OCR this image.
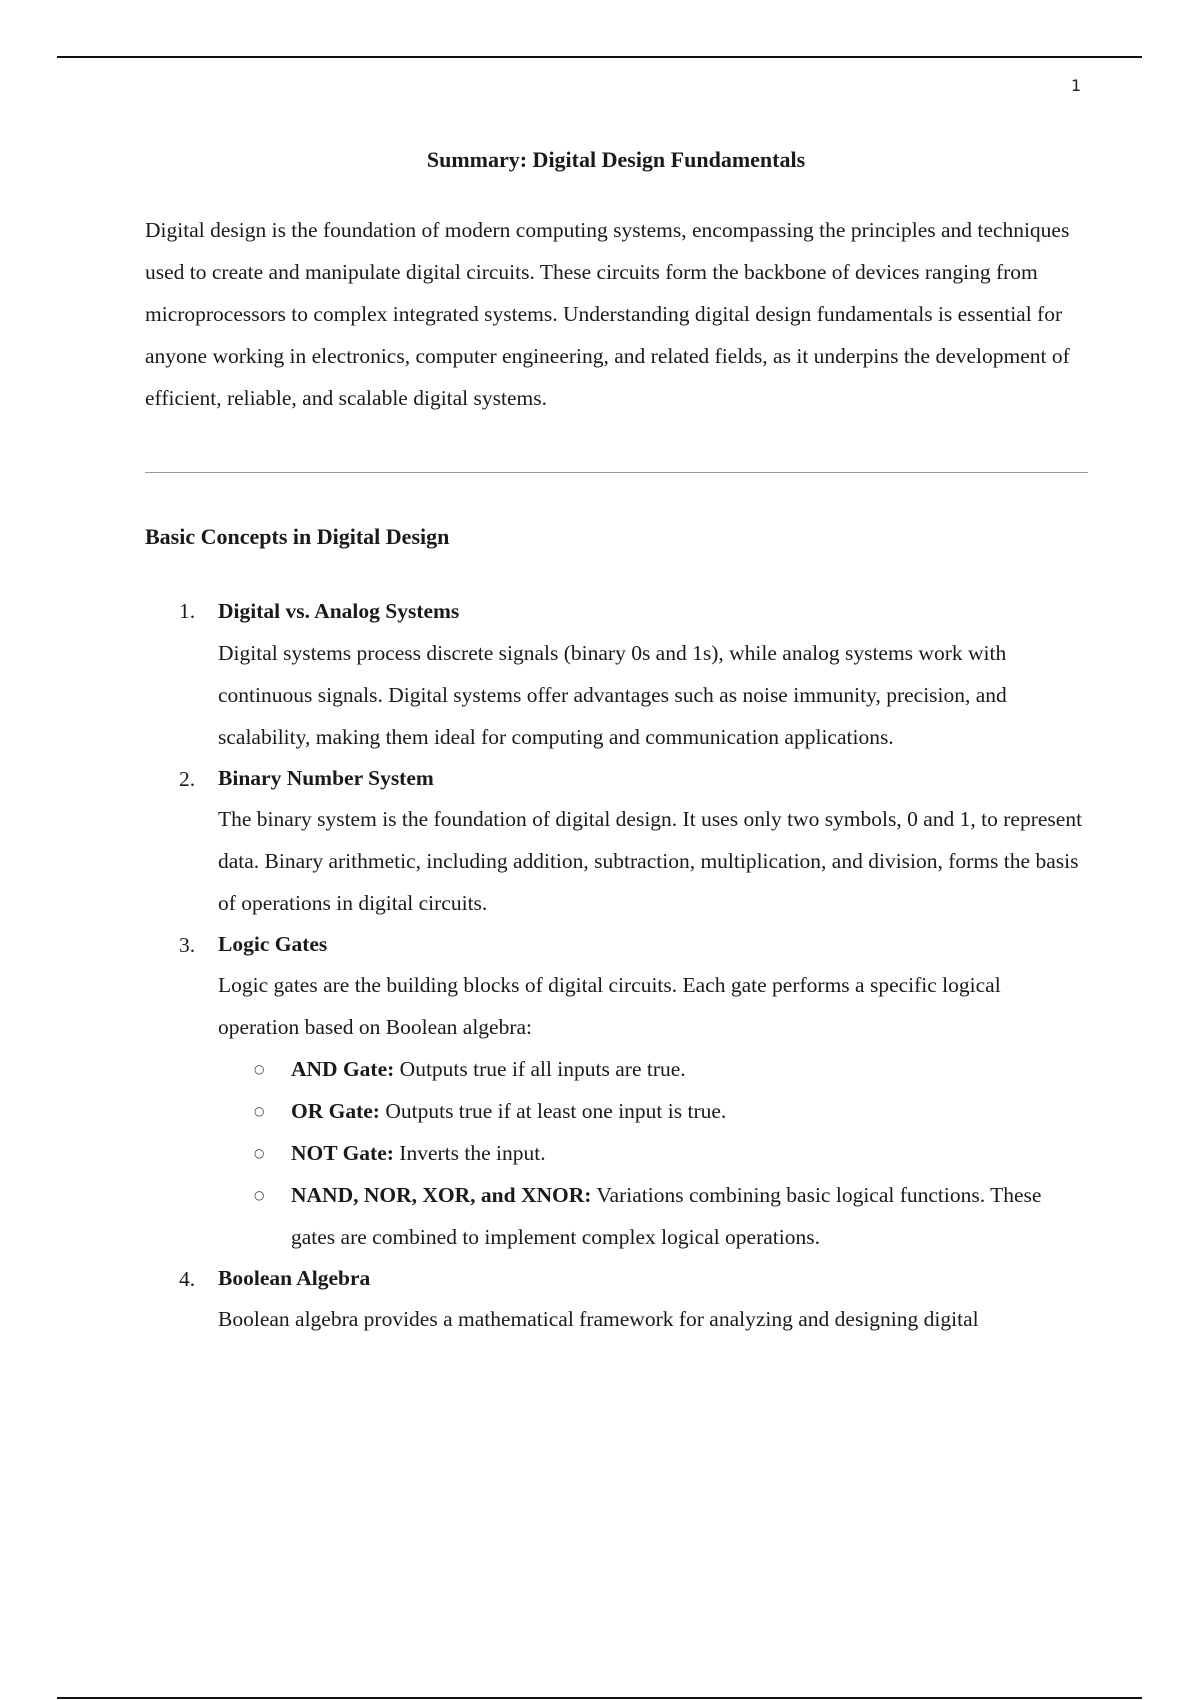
1
Summary: Digital Design Fundamentals

Digital design is the foundation of modern computing systems, encompassing the principles and techniques used to create and manipulate digital circuits. These circuits form the backbone of devices ranging from microprocessors to complex integrated systems. Understanding digital design fundamentals is essential for anyone working in electronics, computer engineering, and related fields, as it underpins the development of efficient, reliable, and scalable digital systems.

Basic Concepts in Digital Design
1.	Digital vs. Analog Systems
Digital systems process discrete signals (binary 0s and 1s), while analog systems work with continuous signals. Digital systems offer advantages such as noise immunity, precision, and scalability, making them ideal for computing and communication applications.
2.	Binary Number System
The binary system is the foundation of digital design. It uses only two symbols, 0 and 1, to represent data. Binary arithmetic, including addition, subtraction, multiplication, and division, forms the basis of operations in digital circuits.
3.	Logic Gates
Logic gates are the building blocks of digital circuits. Each gate performs a specific logical operation based on Boolean algebra:
○ AND Gate: Outputs true if all inputs are true.
○ OR Gate: Outputs true if at least one input is true.
○ NOT Gate: Inverts the input.
○ NAND, NOR, XOR, and XNOR: Variations combining basic logical functions. These gates are combined to implement complex logical operations.
4.	Boolean Algebra
Boolean algebra provides a mathematical framework for analyzing and designing digital
